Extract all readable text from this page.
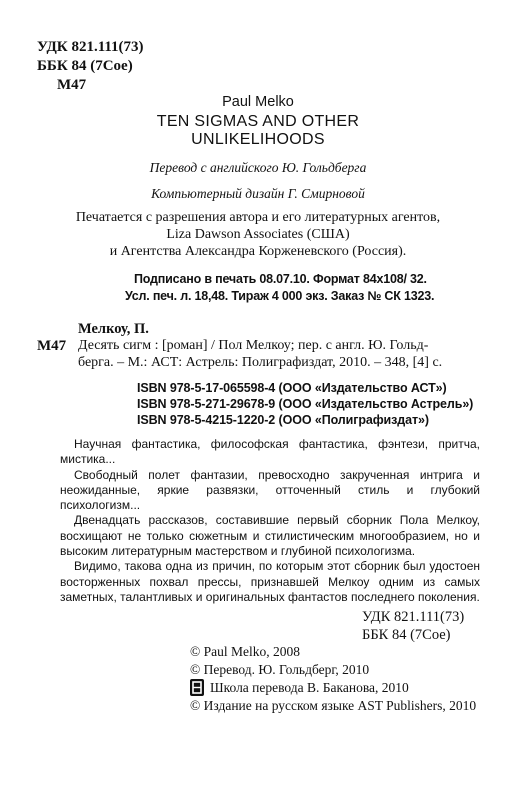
УДК 821.111(73)
ББК 84 (7Сое)
М47
Paul Melko
TEN SIGMAS AND OTHER
UNLIKELIHOODS
Перевод с английского Ю. Гольдберга
Компьютерный дизайн Г. Смирновой
Печатается с разрешения автора и его литературных агентов,
Liza Dawson Associates (США)
и Агентства Александра Корженевского (Россия).
Подписано в печать 08.07.10. Формат 84x108/ 32.
Усл. печ. л. 18,48. Тираж 4 000 экз. Заказ № СК 1323.
Мелкоу, П.
М47 Десять сигм : [роман] / Пол Мелкоу; пер. с англ. Ю. Гольд-
берга. – М.: АСТ: Астрель: Полиграфиздат, 2010. – 348, [4] с.
ISBN 978-5-17-065598-4 (ООО «Издательство АСТ»)
ISBN 978-5-271-29678-9 (ООО «Издательство Астрель»)
ISBN 978-5-4215-1220-2 (ООО «Полиграфиздат»)

Научная фантастика, философская фантастика, фэнтези, притча, мистика...

Свободный полет фантазии, превосходно закрученная интрига и неожиданные, яркие развязки, отточенный стиль и глубокий психологизм...

Двенадцать рассказов, составившие первый сборник Пола Мелкоу, восхищают не только сюжетным и стилистическим многообразием, но и высоким литературным мастерством и глубиной психологизма.

Видимо, такова одна из причин, по которым этот сборник был удостоен восторженных похвал прессы, признавшей Мелкоу одним из самых заметных, талантливых и оригинальных фантастов последнего поколения.

УДК 821.111(73)
ББК 84 (7Сое)
© Paul Melko, 2008
© Перевод. Ю. Гольдберг, 2010
Школа перевода В. Баканова, 2010
© Издание на русском языке AST Publishers, 2010
